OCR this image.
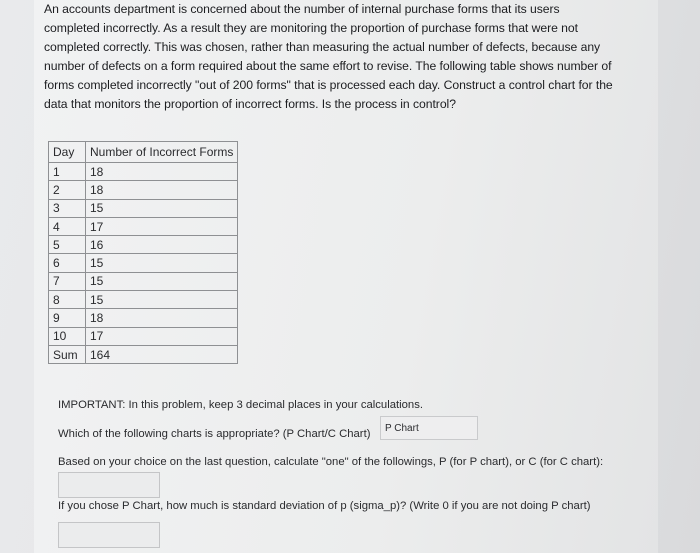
An accounts department is concerned about the number of internal purchase forms that its users completed incorrectly. As a result they are monitoring the proportion of purchase forms that were not completed correctly. This was chosen, rather than measuring the actual number of defects, because any number of defects on a form required about the same effort to revise. The following table shows number of forms completed incorrectly "out of 200 forms" that is processed each day. Construct a control chart for the data that monitors the proportion of incorrect forms. Is the process in control?
Day	Number of Incorrect Forms
1	18
2	18
3	15
4	17
5	16
6	15
7	15
8	15
9	18
10	17
Sum	164
IMPORTANT: In this problem, keep 3 decimal places in your calculations.
Which of the following charts is appropriate? (P Chart/C Chart)	P Chart
Based on your choice on the last question, calculate "one" of the followings, P (for P chart), or C (for C chart):
If you chose P Chart, how much is standard deviation of p (sigma_p)? (Write 0 if you are not doing P chart)
